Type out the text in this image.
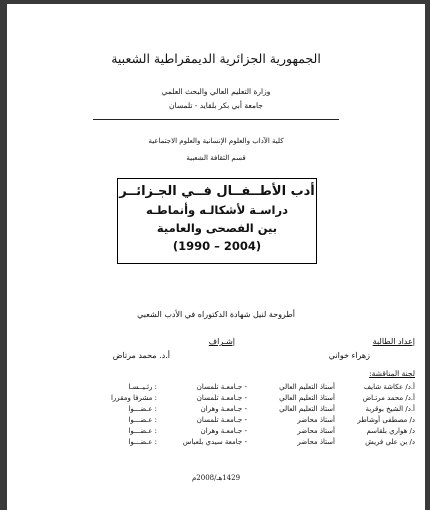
الجمهورية الجزائرية الديمقراطية الشعبية
وزارة التعليم العالي والبحث العلمي
جامعة أبي بكر بلقايد - تلمسان
كلية الآداب والعلوم الإنسانية والعلوم الاجتماعية
قسم الثقافة الشعبية
أدب الأطــفــال فــي الجـزائــر
دراسـة لأشكالـه وأنماطـه
بين الفصحى والعامية
(1990 – 2004)
أطروحة لنيل شهادة الدكتوراه في الأدب الشعبي
إعداد الطالبة
إشـراف
زهراء خواني
أ.د. محمد مرتاض
لجنة المناقشة:
أ.د/ عكاشة شايف
أستاذ التعليم العالي
- جـامعـة تلمسان
: رئـيــسـا
أ.د/ محمد مرتـاض
أستاذ التعليم العالي
- جـامعـة تلمسان
: مشرفا ومقررا
أ.د/ الشيخ بوقربة
أستاذ التعليم العالي
- جـامعـة وهران
: عـضـــوا
د/ مصطفى أوشاطر
أستاذ محاضر
- جـامعـة تلمسان
: عـضـــوا
د/ هواري بلقاسم
أستاذ محاضر
- جـامعـة وهران
: عـضـــوا
د/ بن علي فريش
أستاذ محاضر
- جامعة سيدي بلعباس
: عـضـــوا
1429هـ/2008م
